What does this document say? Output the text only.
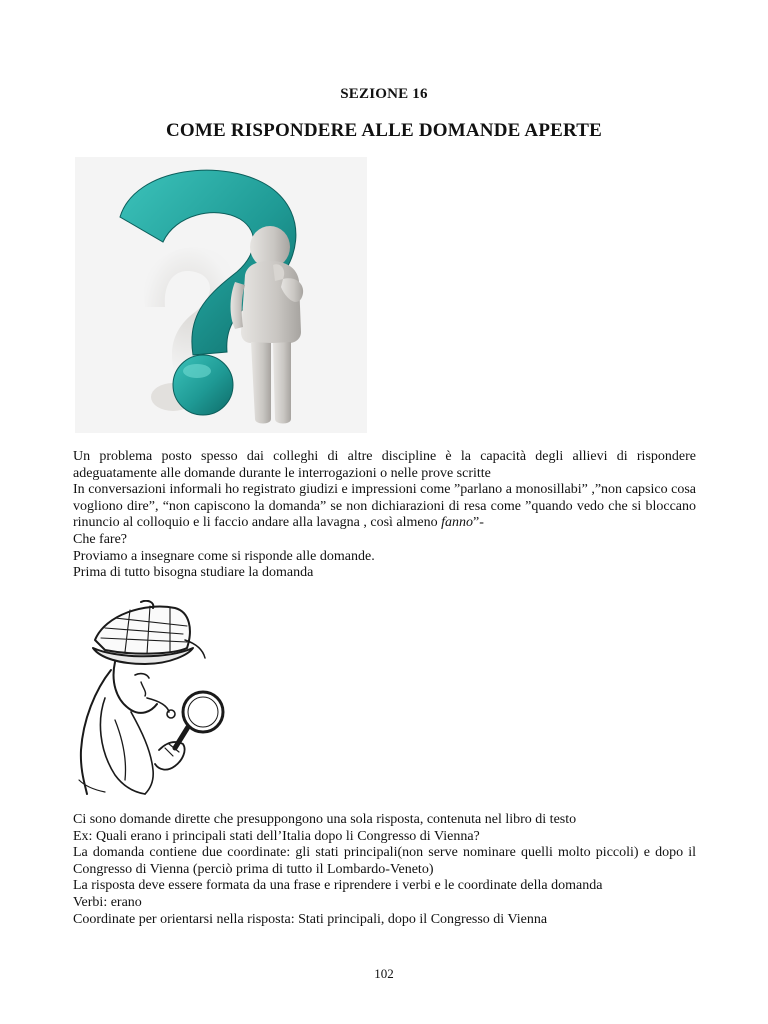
SEZIONE 16
COME RISPONDERE ALLE DOMANDE APERTE

Un problema posto spesso dai colleghi di altre discipline è la capacità degli allievi di rispondere adeguatamente alle domande durante le interrogazioni o nelle prove scritte

In conversazioni informali ho registrato giudizi e impressioni come ”parlano a monosillabi” ,”non capsico cosa vogliono dire”, “non capiscono la domanda” se non dichiarazioni di resa come ”quando vedo che si bloccano rinuncio al colloquio e li faccio andare alla lavagna , così almeno fanno”-

Che fare?

Proviamo a insegnare come si risponde alle domande.

Prima di tutto bisogna studiare la domanda

Ci sono domande dirette che presuppongono una sola risposta, contenuta nel libro di testo

Ex: Quali erano i principali stati dell’Italia dopo li Congresso di Vienna?

La domanda contiene due coordinate: gli stati principali(non serve nominare quelli molto piccoli) e dopo il Congresso di Vienna (perciò prima di tutto il Lombardo-Veneto)

La risposta deve essere formata da una frase e riprendere i verbi e le coordinate della domanda

Verbi: erano

Coordinate per orientarsi nella risposta: Stati principali, dopo il Congresso di Vienna

102
